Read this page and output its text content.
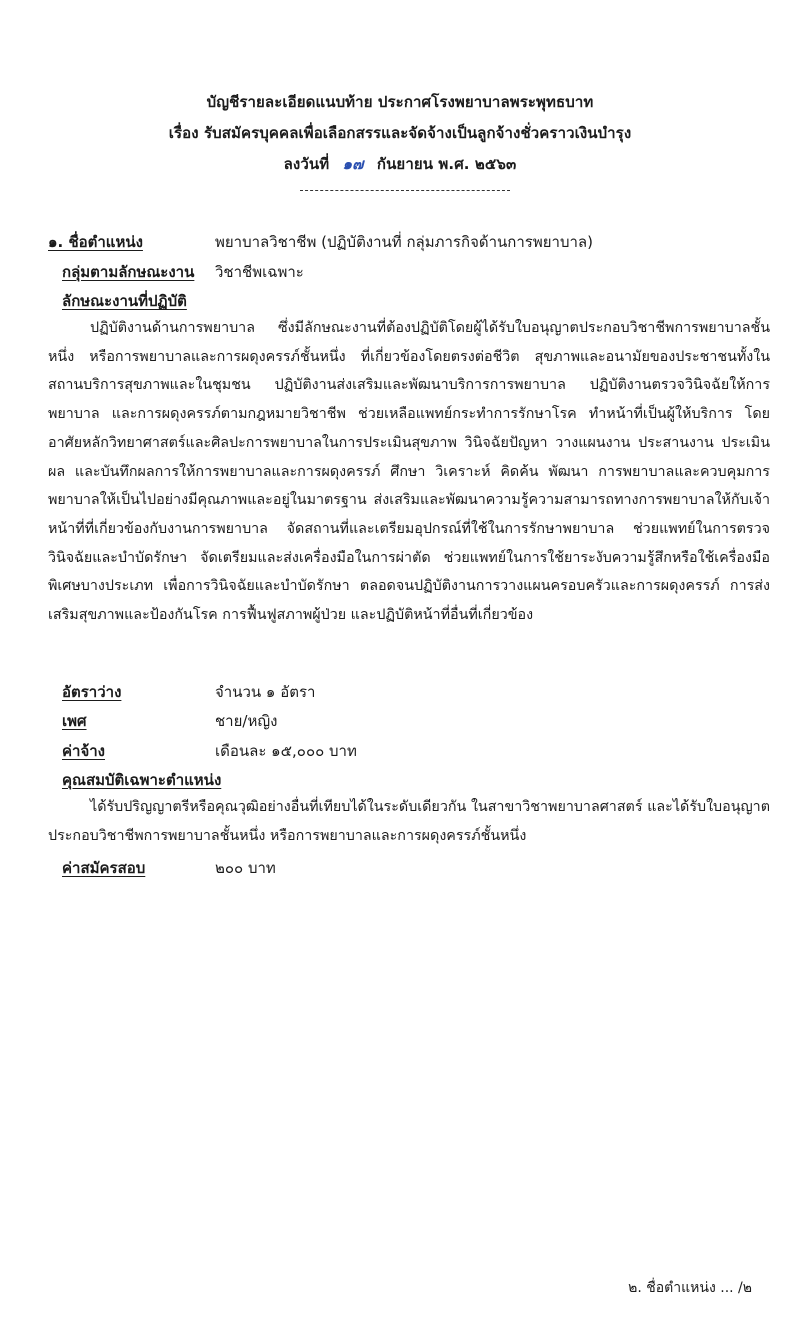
บัญชีรายละเอียดแนบท้าย ประกาศโรงพยาบาลพระพุทธบาท
เรื่อง รับสมัครบุคคลเพื่อเลือกสรรและจัดจ้างเป็นลูกจ้างชั่วคราวเงินบำรุง
ลงวันที่ ๑๗ กันยายน พ.ศ. ๒๕๖๓
๑. ชื่อตำแหน่ง	พยาบาลวิชาชีพ (ปฏิบัติงานที่ กลุ่มภารกิจด้านการพยาบาล)
กลุ่มตามลักษณะงาน วิชาชีพเฉพาะ
ลักษณะงานที่ปฏิบัติ

ปฏิบัติงานด้านการพยาบาล ซึ่งมีลักษณะงานที่ต้องปฏิบัติโดยผู้ได้รับใบอนุญาตประกอบวิชาชีพการพยาบาลชั้นหนึ่ง หรือการพยาบาลและการผดุงครรภ์ชั้นหนึ่ง ที่เกี่ยวข้องโดยตรงต่อชีวิต สุขภาพและอนามัยของประชาชนทั้งในสถานบริการสุขภาพและในชุมชน ปฏิบัติงานส่งเสริมและพัฒนาบริการการพยาบาล ปฏิบัติงานตรวจวินิจฉัยให้การพยาบาล และการผดุงครรภ์ตามกฎหมายวิชาชีพ ช่วยเหลือแพทย์กระทำการรักษาโรค ทำหน้าที่เป็นผู้ให้บริการ โดยอาศัยหลักวิทยาศาสตร์และศิลปะการพยาบาลในการประเมินสุขภาพ วินิจฉัยปัญหา วางแผนงาน ประสานงาน ประเมินผล และบันทึกผลการให้การพยาบาลและการผดุงครรภ์ ศึกษา วิเคราะห์ คิดค้น พัฒนา การพยาบาลและควบคุมการพยาบาลให้เป็นไปอย่างมีคุณภาพและอยู่ในมาตรฐาน ส่งเสริมและพัฒนาความรู้ความสามารถทางการพยาบาลให้กับเจ้าหน้าที่ที่เกี่ยวข้องกับงานการพยาบาล จัดสถานที่และเตรียมอุปกรณ์ที่ใช้ในการรักษาพยาบาล ช่วยแพทย์ในการตรวจวินิจฉัยและบำบัดรักษา จัดเตรียมและส่งเครื่องมือในการผ่าตัด ช่วยแพทย์ในการใช้ยาระงับความรู้สึกหรือใช้เครื่องมือพิเศษบางประเภท เพื่อการวินิจฉัยและบำบัดรักษา ตลอดจนปฏิบัติงานการวางแผนครอบครัวและการผดุงครรภ์ การส่งเสริมสุขภาพและป้องกันโรค การฟื้นฟูสภาพผู้ป่วย และปฏิบัติหน้าที่อื่นที่เกี่ยวข้อง

อัตราว่าง	จำนวน ๑ อัตรา
เพศ	ชาย/หญิง
ค่าจ้าง	เดือนละ ๑๕,๐๐๐ บาท
คุณสมบัติเฉพาะตำแหน่ง

ได้รับปริญญาตรีหรือคุณวุฒิอย่างอื่นที่เทียบได้ในระดับเดียวกัน ในสาขาวิชาพยาบาลศาสตร์ และได้รับใบอนุญาตประกอบวิชาชีพการพยาบาลชั้นหนึ่ง หรือการพยาบาลและการผดุงครรภ์ชั้นหนึ่ง

ค่าสมัครสอบ	๒๐๐ บาท
๒. ชื่อตำแหน่ง ... /๒
